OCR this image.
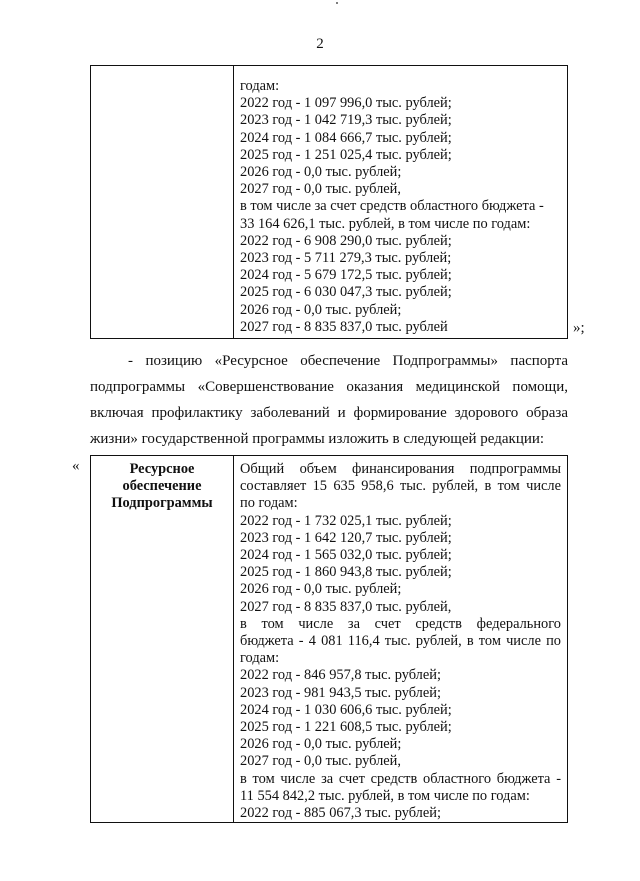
2

годам:
2022 год - 1 097 996,0 тыс. рублей;
2023 год - 1 042 719,3 тыс. рублей;
2024 год - 1 084 666,7 тыс. рублей;
2025 год - 1 251 025,4 тыс. рублей;
2026 год - 0,0 тыс. рублей;
2027 год - 0,0 тыс. рублей,
в том числе за счет средств областного бюджета -
33 164 626,1 тыс. рублей, в том числе по годам:
2022 год - 6 908 290,0 тыс. рублей;
2023 год - 5 711 279,3 тыс. рублей;
2024 год - 5 679 172,5 тыс. рублей;
2025 год - 6 030 047,3 тыс. рублей;
2026 год - 0,0 тыс. рублей;
2027 год - 8 835 837,0 тыс. рублей	»;
- позицию «Ресурсное обеспечение Подпрограммы» паспорта
подпрограммы «Совершенствование оказания медицинской помощи,
включая профилактику заболеваний и формирование здорового образа
жизни» государственной программы изложить в следующей редакции:
«	Ресурсное
обеспечение
Подпрограммы

Общий объем финансирования подпрограммы
составляет 15 635 958,6 тыс. рублей, в том числе
по годам:
2022 год - 1 732 025,1 тыс. рублей;
2023 год - 1 642 120,7 тыс. рублей;
2024 год - 1 565 032,0 тыс. рублей;
2025 год - 1 860 943,8 тыс. рублей;
2026 год - 0,0 тыс. рублей;
2027 год - 8 835 837,0 тыс. рублей,
в том числе за счет средств федерального
бюджета - 4 081 116,4 тыс. рублей, в том числе по
годам:
2022 год - 846 957,8 тыс. рублей;
2023 год - 981 943,5 тыс. рублей;
2024 год - 1 030 606,6 тыс. рублей;
2025 год - 1 221 608,5 тыс. рублей;
2026 год - 0,0 тыс. рублей;
2027 год - 0,0 тыс. рублей,
в том числе за счет средств областного бюджета -
11 554 842,2 тыс. рублей, в том числе по годам:
2022 год - 885 067,3 тыс. рублей;
